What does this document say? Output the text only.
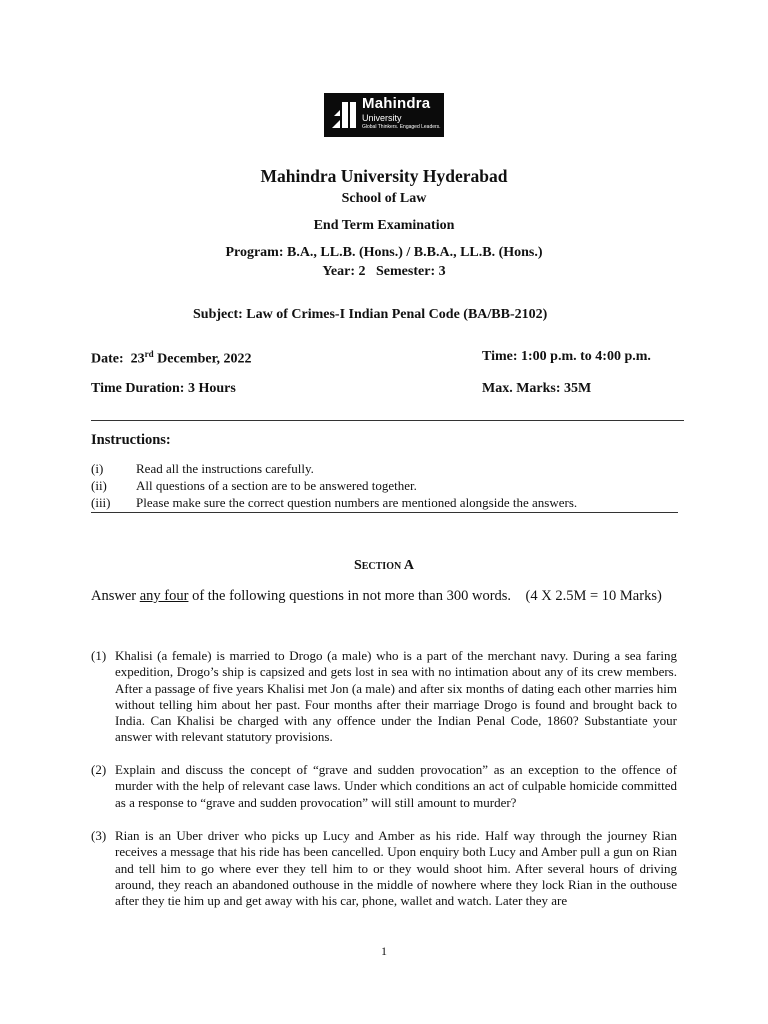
Mahindra
University
Global Thinkers. Engaged Leaders.
Mahindra University Hyderabad
School of Law
End Term Examination
Program: B.A., LL.B. (Hons.) / B.B.A., LL.B. (Hons.)
Year: 2   Semester: 3
Subject: Law of Crimes-I Indian Penal Code (BA/BB-2102)
Date:  23rd December, 2022	Time: 1:00 p.m. to 4:00 p.m.
Time Duration: 3 Hours	Max. Marks: 35M
Instructions:
(i)	Read all the instructions carefully.
(ii) All questions of a section are to be answered together.
(iii) Please make sure the correct question numbers are mentioned alongside the answers.
Section A
Answer any four of the following questions in not more than 300 words. (4 X 2.5M = 10 Marks)
(1) Khalisi (a female) is married to Drogo (a male) who is a part of the merchant navy. During a sea faring expedition, Drogo’s ship is capsized and gets lost in sea with no intimation about any of its crew members. After a passage of five years Khalisi met Jon (a male) and after six months of dating each other marries him without telling him about her past. Four months after their marriage Drogo is found and brought back to India. Can Khalisi be charged with any offence under the Indian Penal Code, 1860? Substantiate your answer with relevant statutory provisions.
(2) Explain and discuss the concept of “grave and sudden provocation” as an exception to the offence of murder with the help of relevant case laws. Under which conditions an act of culpable homicide committed as a response to “grave and sudden provocation” will still amount to murder?
(3) Rian is an Uber driver who picks up Lucy and Amber as his ride. Half way through the journey Rian receives a message that his ride has been cancelled. Upon enquiry both Lucy and Amber pull a gun on Rian and tell him to go where ever they tell him to or they would shoot him. After several hours of driving around, they reach an abandoned outhouse in the middle of nowhere where they lock Rian in the outhouse after they tie him up and get away with his car, phone, wallet and watch. Later they are
1
